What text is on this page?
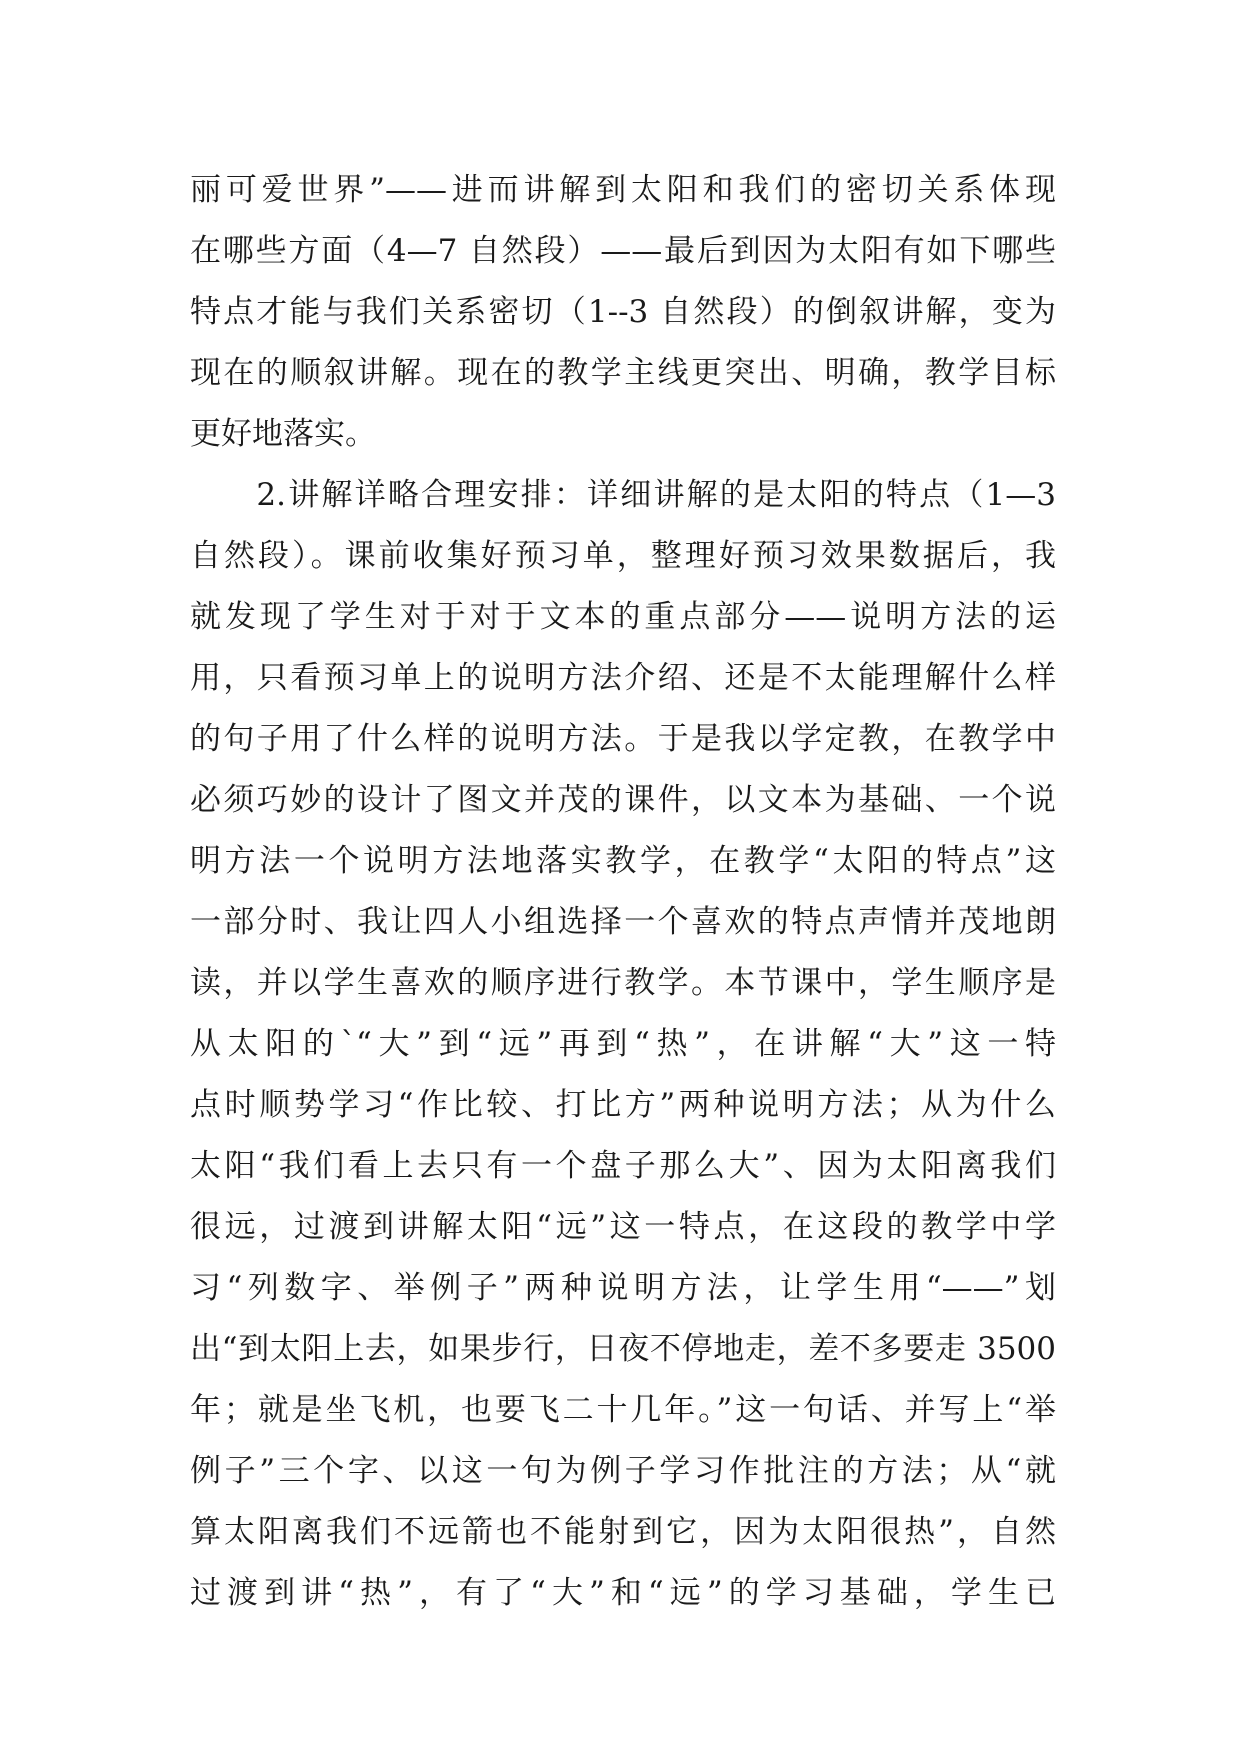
丽可爱世界”——进而讲解到太阳和我们的密切关系体现
在哪些方面（4—7 自然段）——最后到因为太阳有如下哪些
特点才能与我们关系密切（1--3 自然段）的倒叙讲解，变为
现在的顺叙讲解。现在的教学主线更突出、明确，教学目标
更好地落实。
　　2.讲解详略合理安排：详细讲解的是太阳的特点（1—3
自然段）。课前收集好预习单，整理好预习效果数据后，我
就发现了学生对于对于文本的重点部分——说明方法的运
用，只看预习单上的说明方法介绍、还是不太能理解什么样
的句子用了什么样的说明方法。于是我以学定教，在教学中
必须巧妙的设计了图文并茂的课件，以文本为基础、一个说
明方法一个说明方法地落实教学，在教学“太阳的特点”这
一部分时、我让四人小组选择一个喜欢的特点声情并茂地朗
读，并以学生喜欢的顺序进行教学。本节课中，学生顺序是
从太阳的`“大”到“远”再到“热”，在讲解“大”这一特
点时顺势学习“作比较、打比方”两种说明方法；从为什么
太阳“我们看上去只有一个盘子那么大”、因为太阳离我们
很远，过渡到讲解太阳“远”这一特点，在这段的教学中学
习“列数字、举例子”两种说明方法，让学生用“——”划
出“到太阳上去，如果步行，日夜不停地走，差不多要走 3500
年；就是坐飞机，也要飞二十几年。”这一句话、并写上“举
例子”三个字、以这一句为例子学习作批注的方法；从“就
算太阳离我们不远箭也不能射到它，因为太阳很热”，自然
过渡到讲“热”，有了“大”和“远”的学习基础，学生已
